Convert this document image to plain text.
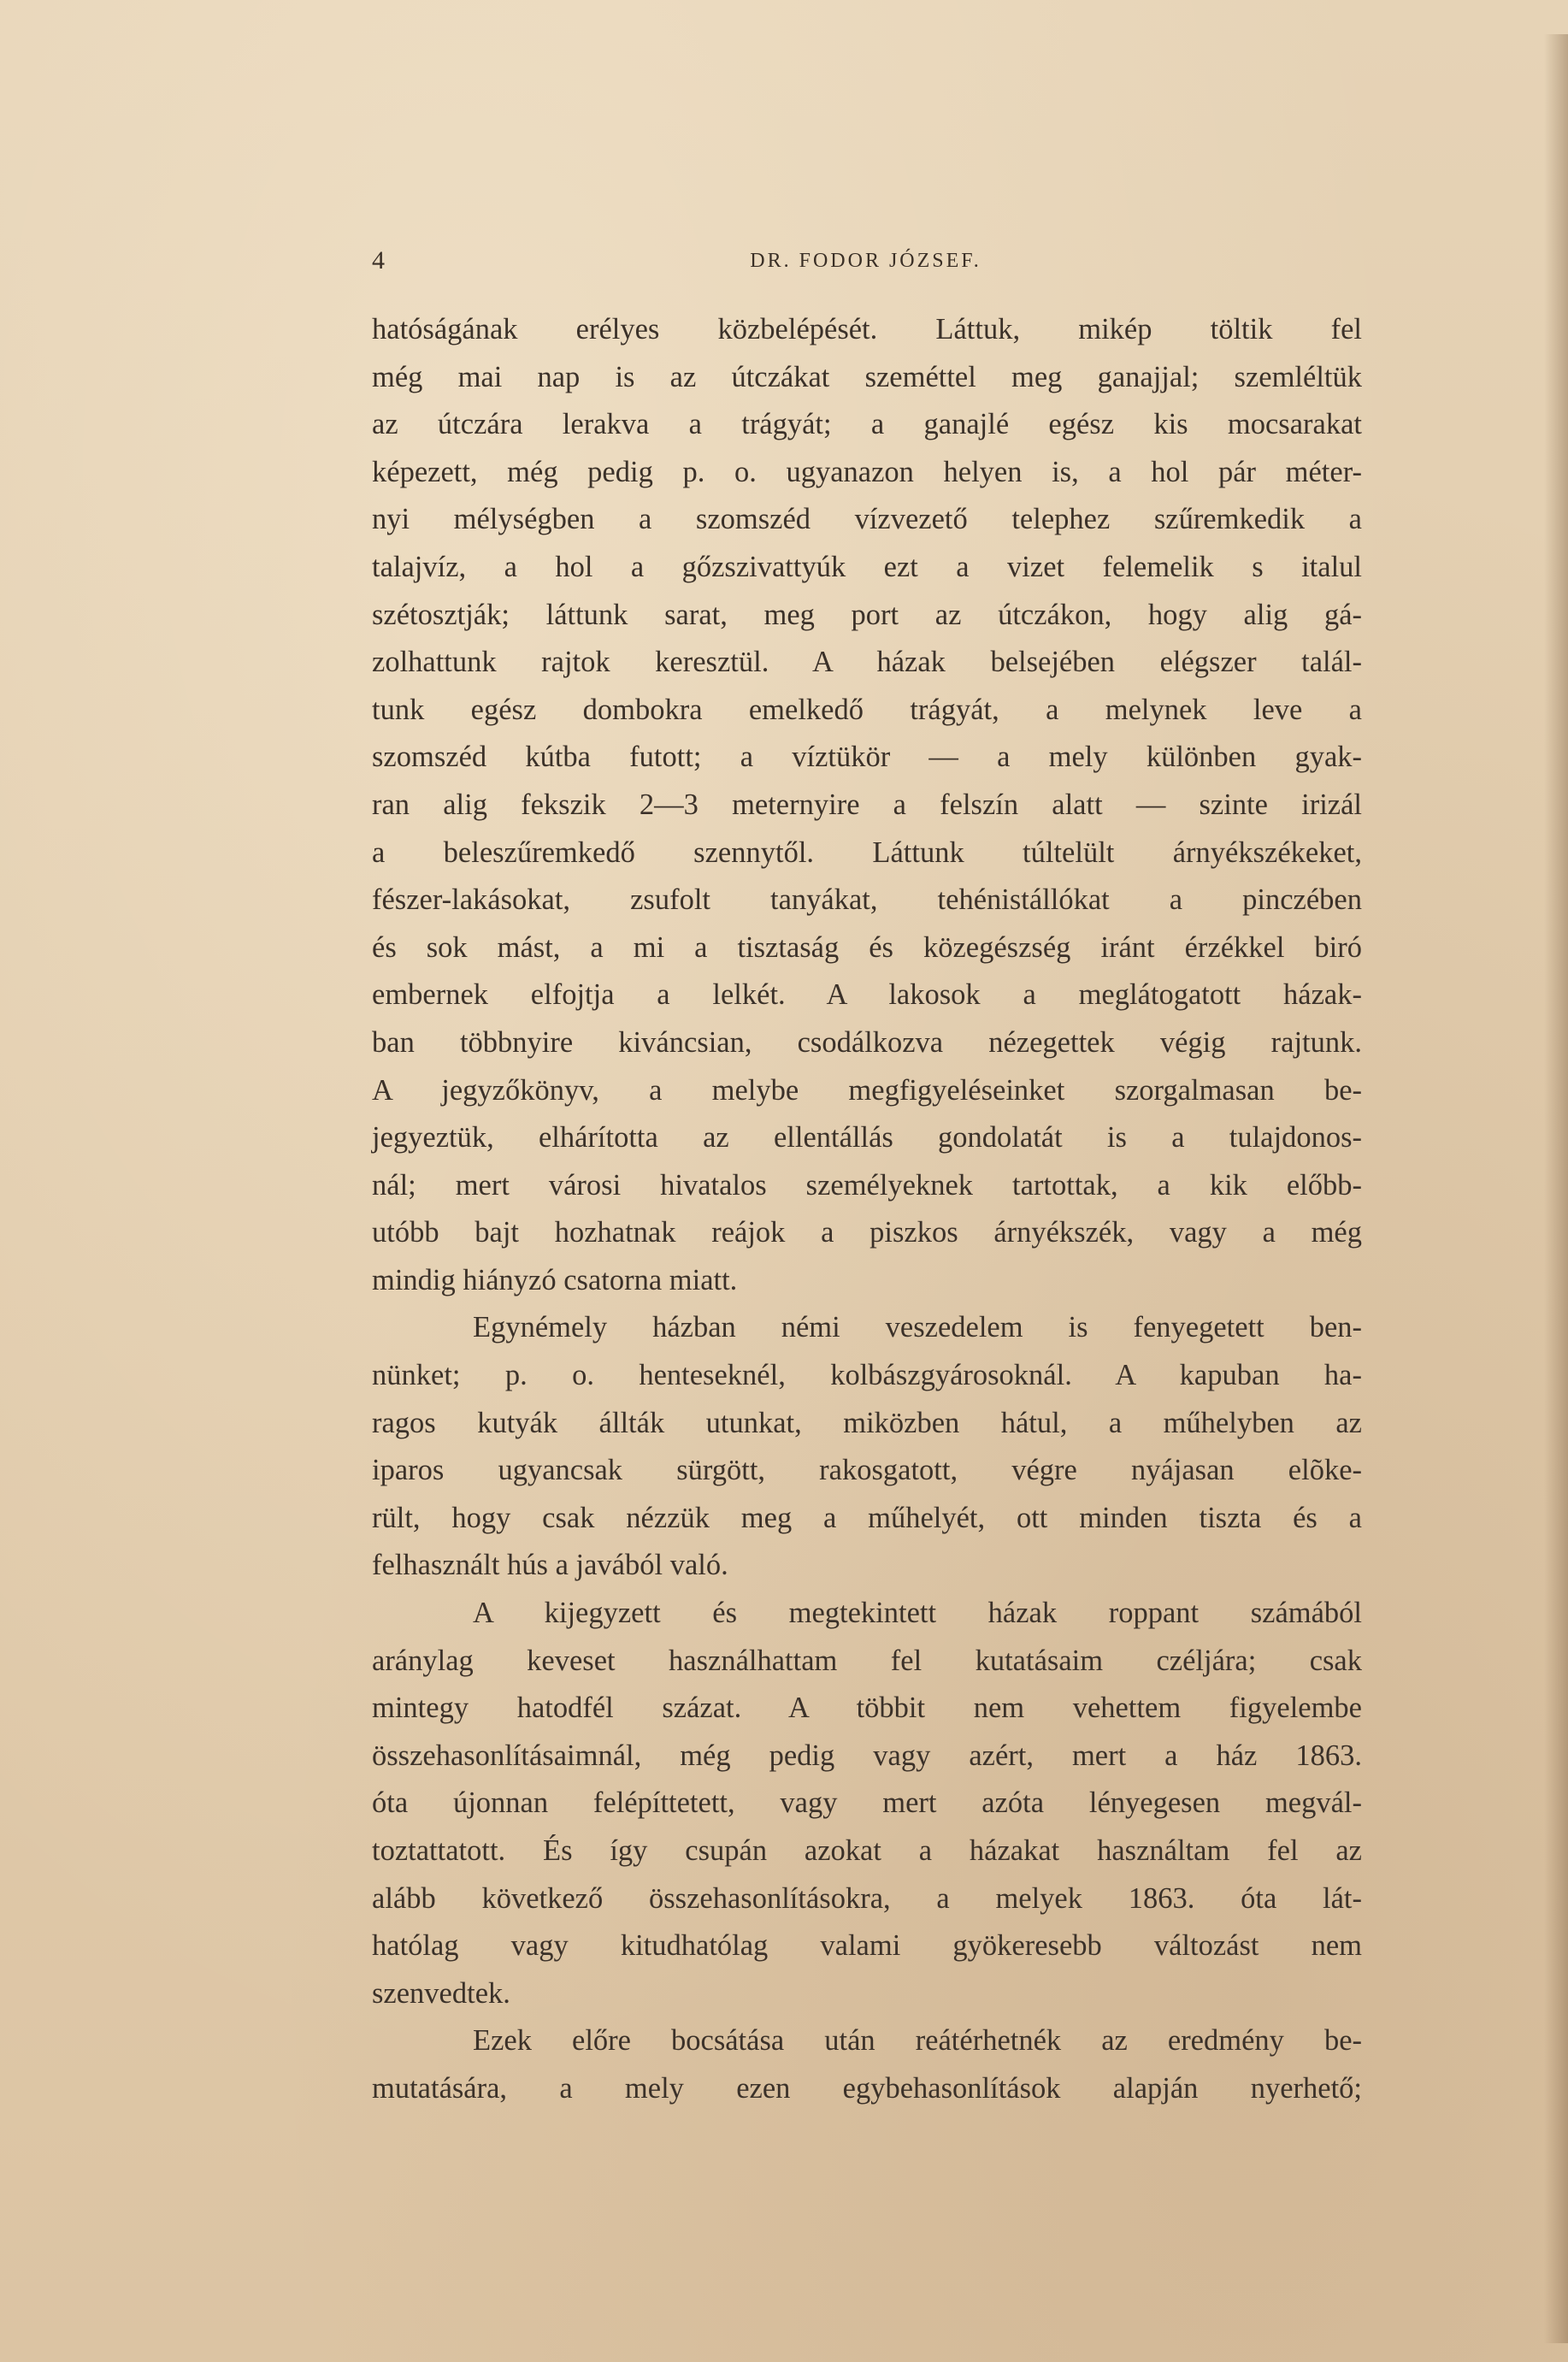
4	DR. FODOR JÓZSEF.
hatóságának erélyes közbelépését. Láttuk, mikép töltik fel
még mai nap is az útczákat szeméttel meg ganajjal; szemléltük
az útczára lerakva a trágyát; a ganajlé egész kis mocsarakat
képezett, még pedig p. o. ugyanazon helyen is, a hol pár méter-
nyi mélységben a szomszéd vízvezető telephez szűremkedik a
talajvíz, a hol a gőzszivattyúk ezt a vizet felemelik s italul
szétosztják; láttunk sarat, meg port az útczákon, hogy alig gá-
zolhattunk rajtok keresztül. A házak belsejében elégszer talál-
tunk egész dombokra emelkedő trágyát, a melynek leve a
szomszéd kútba futott; a víztükör — a mely különben gyak-
ran alig fekszik 2—3 meternyire a felszín alatt — szinte irizál
a beleszűremkedő szennytől. Láttunk túltelült árnyékszékeket,
fészer-lakásokat, zsufolt tanyákat, tehénistállókat a pinczében
és sok mást, a mi a tisztaság és közegészség iránt érzékkel biró
embernek elfojtja a lelkét. A lakosok a meglátogatott házak-
ban többnyire kiváncsian, csodálkozva nézegettek végig rajtunk.
A jegyzőkönyv, a melybe megfigyeléseinket szorgalmasan be-
jegyeztük, elhárította az ellentállás gondolatát is a tulajdonos-
nál; mert városi hivatalos személyeknek tartottak, a kik előbb-
utóbb bajt hozhatnak reájok a piszkos árnyékszék, vagy a még
mindig hiányzó csatorna miatt.
Egynémely házban némi veszedelem is fenyegetett ben-
nünket; p. o. henteseknél, kolbászgyárosoknál. A kapuban ha-
ragos kutyák állták utunkat, miközben hátul, a műhelyben az
iparos ugyancsak sürgött, rakosgatott, végre nyájasan elõke-
rült, hogy csak nézzük meg a műhelyét, ott minden tiszta és a
felhasznált hús a javából való.
A kijegyzett és megtekintett házak roppant számából
aránylag keveset használhattam fel kutatásaim czéljára; csak
mintegy hatodfél százat. A többit nem vehettem figyelembe
összehasonlításaimnál, még pedig vagy azért, mert a ház 1863.
óta újonnan felépíttetett, vagy mert azóta lényegesen megvál-
toztattatott. És így csupán azokat a házakat használtam fel az
alább következő összehasonlításokra, a melyek 1863. óta lát-
hatólag vagy kitudhatólag valami gyökeresebb változást nem
szenvedtek.
Ezek előre bocsátása után reátérhetnék az eredmény be-
mutatására, a mely ezen egybehasonlítások alapján nyerhető;
